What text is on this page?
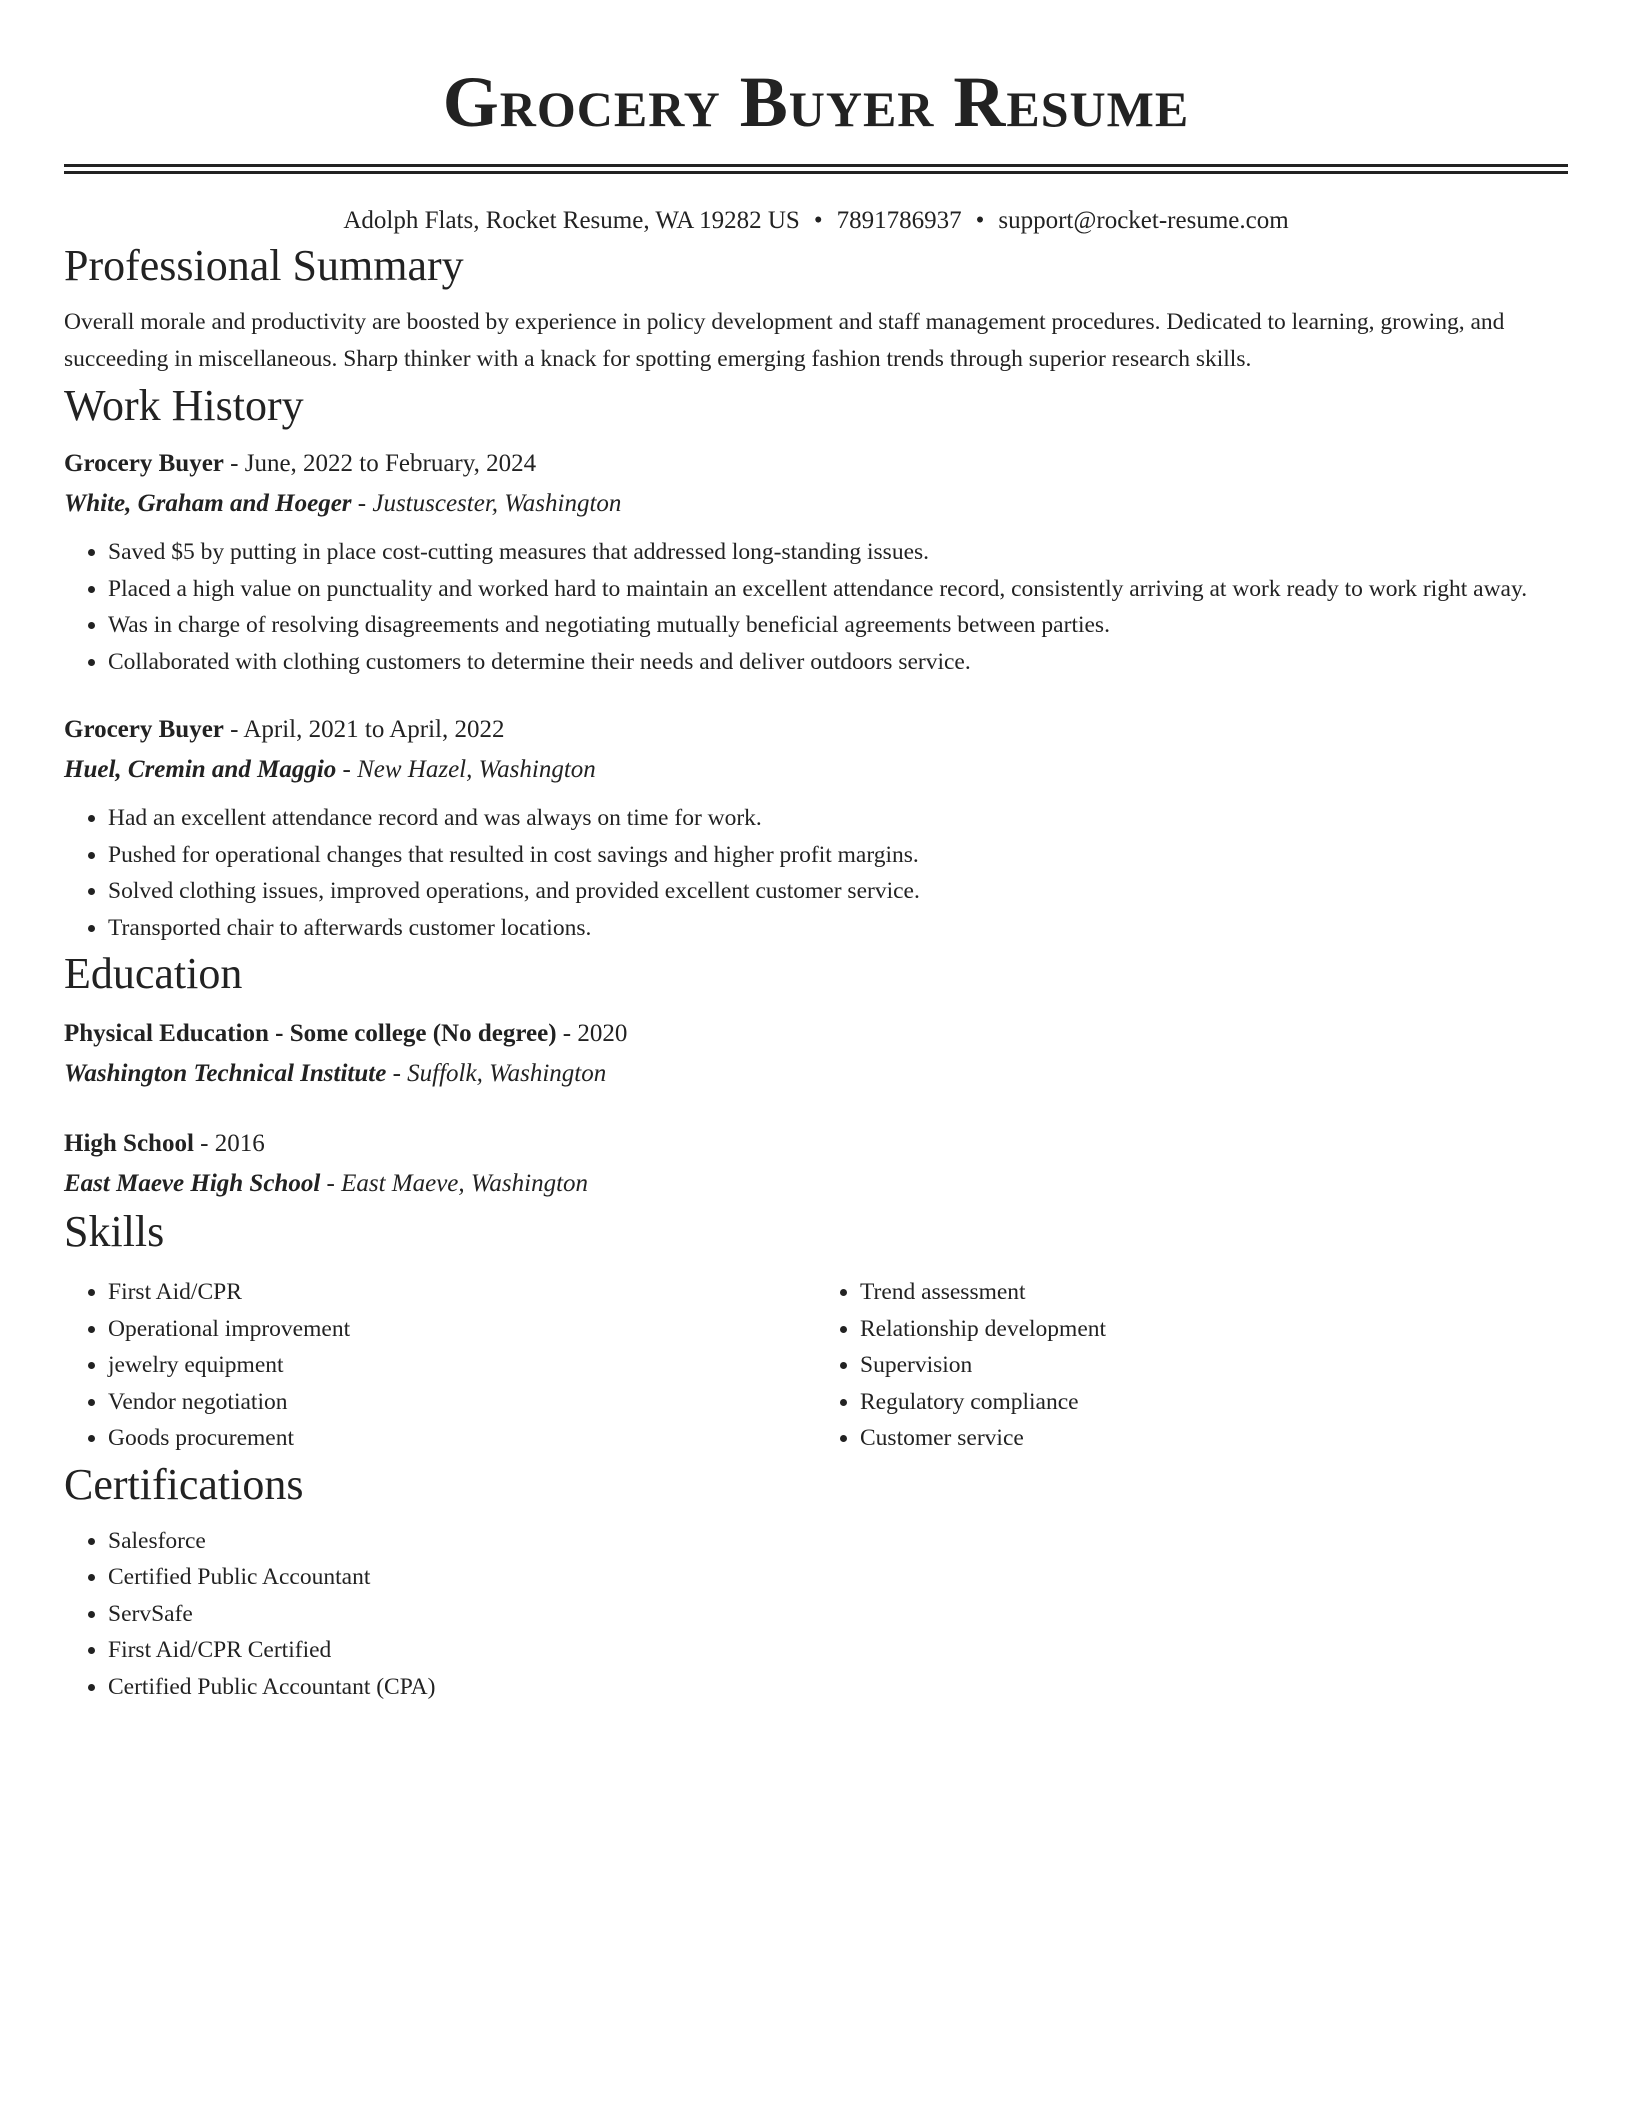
Grocery Buyer Resume
Adolph Flats, Rocket Resume, WA 19282 US • 7891786937 • support@rocket-resume.com
Professional Summary
Overall morale and productivity are boosted by experience in policy development and staff management procedures. Dedicated to learning, growing, and succeeding in miscellaneous. Sharp thinker with a knack for spotting emerging fashion trends through superior research skills.
Work History
Grocery Buyer - June, 2022 to February, 2024
White, Graham and Hoeger - Justuscester, Washington
• Saved $5 by putting in place cost-cutting measures that addressed long-standing issues.
• Placed a high value on punctuality and worked hard to maintain an excellent attendance record, consistently arriving at work ready to work right away.
• Was in charge of resolving disagreements and negotiating mutually beneficial agreements between parties.
• Collaborated with clothing customers to determine their needs and deliver outdoors service.
Grocery Buyer - April, 2021 to April, 2022
Huel, Cremin and Maggio - New Hazel, Washington
• Had an excellent attendance record and was always on time for work.
• Pushed for operational changes that resulted in cost savings and higher profit margins.
• Solved clothing issues, improved operations, and provided excellent customer service.
• Transported chair to afterwards customer locations.
Education
Physical Education - Some college (No degree) - 2020
Washington Technical Institute - Suffolk, Washington
High School - 2016
East Maeve High School - East Maeve, Washington
Skills
• First Aid/CPR
• Operational improvement
• jewelry equipment
• Vendor negotiation
• Goods procurement
• Trend assessment
• Relationship development
• Supervision
• Regulatory compliance
• Customer service
Certifications
• Salesforce
• Certified Public Accountant
• ServSafe
• First Aid/CPR Certified
• Certified Public Accountant (CPA)
